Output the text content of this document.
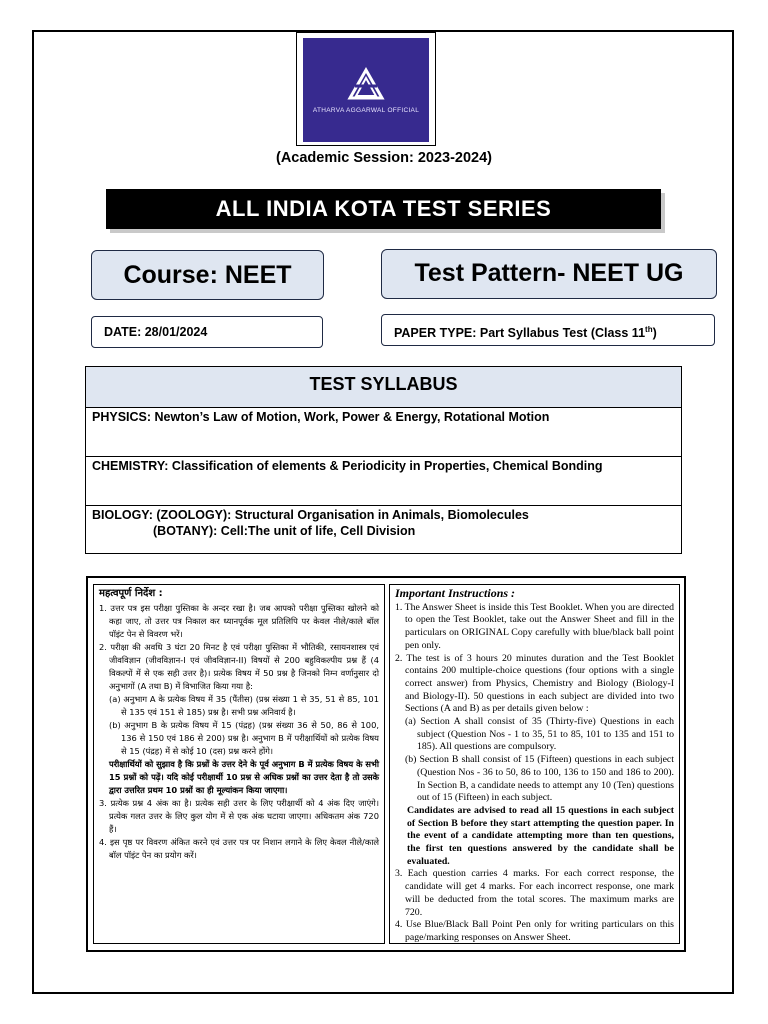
ATHARVA AGGARWAL OFFICIAL
(Academic Session: 2023-2024)
ALL INDIA KOTA TEST SERIES
Course: NEET	Test Pattern- NEET UG
DATE: 28/01/2024	PAPER TYPE: Part Syllabus Test (Class 11th)
TEST SYLLABUS
PHYSICS: Newton’s Law of Motion, Work, Power & Energy, Rotational Motion
CHEMISTRY: Classification of elements & Periodicity in Properties, Chemical Bonding
BIOLOGY: (ZOOLOGY): Structural Organisation in Animals, Biomolecules
(BOTANY): Cell:The unit of life, Cell Division
महत्वपूर्ण निर्देश :

1. उत्तर पत्र इस परीक्षा पुस्तिका के अन्दर रखा है। जब आपको परीक्षा पुस्तिका खोलने को कहा जाए, तो उत्तर पत्र निकाल कर ध्यानपूर्वक मूल प्रतिलिपि पर केवल नीले/काले बॉल पॉइंट पेन से विवरण भरें।

2. परीक्षा की अवधि 3 घंटा 20 मिनट है एवं परीक्षा पुस्तिका में भौतिकी, रसायनशास्त्र एवं जीवविज्ञान (जीवविज्ञान-I एवं जीवविज्ञान-II) विषयों से 200 बहुविकल्पीय प्रश्न हैं (4 विकल्पों में से एक सही उत्तर है)। प्रत्येक विषय में 50 प्रश्न है जिनको निम्न वर्णानुसार दो अनुभागों (A तथा B) में विभाजित किया गया है:

(a) अनुभाग A के प्रत्येक विषय में 35 (पैंतीस) (प्रश्न संख्या 1 से 35, 51 से 85, 101 से 135 एवं 151 से 185) प्रश्न है। सभी प्रश्न अनिवार्य है।

(b) अनुभाग B के प्रत्येक विषय में 15 (पंद्रह) (प्रश्न संख्या 36 से 50, 86 से 100, 136 से 150 एवं 186 से 200) प्रश्न है। अनुभाग B में परीक्षार्थियों को प्रत्येक विषय से 15 (पंद्रह) में से कोई 10 (दस) प्रश्न करने होंगे।

परीक्षार्थियों को सुझाव है कि प्रश्नों के उत्तर देने के पूर्व अनुभाग B में प्रत्येक विषय के सभी 15 प्रश्नों को पढ़ें। यदि कोई परीक्षार्थी 10 प्रश्न से अधिक प्रश्नों का उत्तर देता है तो उसके द्वारा उत्तरित प्रथम 10 प्रश्नों का ही मूल्यांकन किया जाएगा।

3. प्रत्येक प्रश्न 4 अंक का है। प्रत्येक सही उत्तर के लिए परीक्षार्थी को 4 अंक दिए जाएंगे। प्रत्येक गलत उत्तर के लिए कुल योग में से एक अंक घटाया जाएगा। अधिकतम अंक 720 हैं।

4. इस पृष्ठ पर विवरण अंकित करने एवं उत्तर पत्र पर निशान लगाने के लिए केवल नीले/काले बॉल पॉइंट पेन का प्रयोग करें।

Important Instructions :

1. The Answer Sheet is inside this Test Booklet. When you are directed to open the Test Booklet, take out the Answer Sheet and fill in the particulars on ORIGINAL Copy carefully with blue/black ball point pen only.

2. The test is of 3 hours 20 minutes duration and the Test Booklet contains 200 multiple-choice questions (four options with a single correct answer) from Physics, Chemistry and Biology (Biology-I and Biology-II). 50 questions in each subject are divided into two Sections (A and B) as per details given below :

(a) Section A shall consist of 35 (Thirty-five) Questions in each subject (Question Nos - 1 to 35, 51 to 85, 101 to 135 and 151 to 185). All questions are compulsory.

(b) Section B shall consist of 15 (Fifteen) questions in each subject (Question Nos - 36 to 50, 86 to 100, 136 to 150 and 186 to 200). In Section B, a candidate needs to attempt any 10 (Ten) questions out of 15 (Fifteen) in each subject.

Candidates are advised to read all 15 questions in each subject of Section B before they start attempting the question paper. In the event of a candidate attempting more than ten questions, the first ten questions answered by the candidate shall be evaluated.

3. Each question carries 4 marks. For each correct response, the candidate will get 4 marks. For each incorrect response, one mark will be deducted from the total scores. The maximum marks are 720.

4. Use Blue/Black Ball Point Pen only for writing particulars on this page/marking responses on Answer Sheet.
